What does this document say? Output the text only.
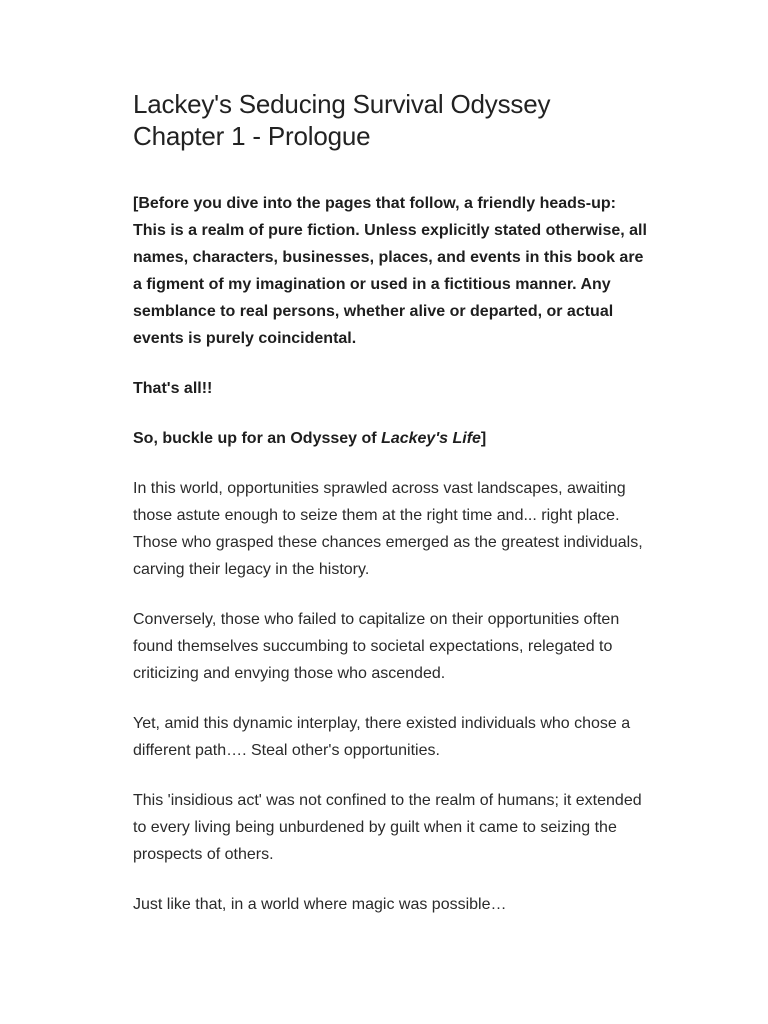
Lackey's Seducing Survival Odyssey
Chapter 1 - Prologue

[Before you dive into the pages that follow, a friendly heads-up: This is a realm of pure fiction. Unless explicitly stated otherwise, all names, characters, businesses, places, and events in this book are a figment of my imagination or used in a fictitious manner. Any semblance to real persons, whether alive or departed, or actual events is purely coincidental.

That's all!!

So, buckle up for an Odyssey of Lackey's Life]

In this world, opportunities sprawled across vast landscapes, awaiting those astute enough to seize them at the right time and... right place. Those who grasped these chances emerged as the greatest individuals, carving their legacy in the history.

Conversely, those who failed to capitalize on their opportunities often found themselves succumbing to societal expectations, relegated to criticizing and envying those who ascended.

Yet, amid this dynamic interplay, there existed individuals who chose a different path…. Steal other's opportunities.

This 'insidious act' was not confined to the realm of humans; it extended to every living being unburdened by guilt when it came to seizing the prospects of others.

Just like that, in a world where magic was possible…
